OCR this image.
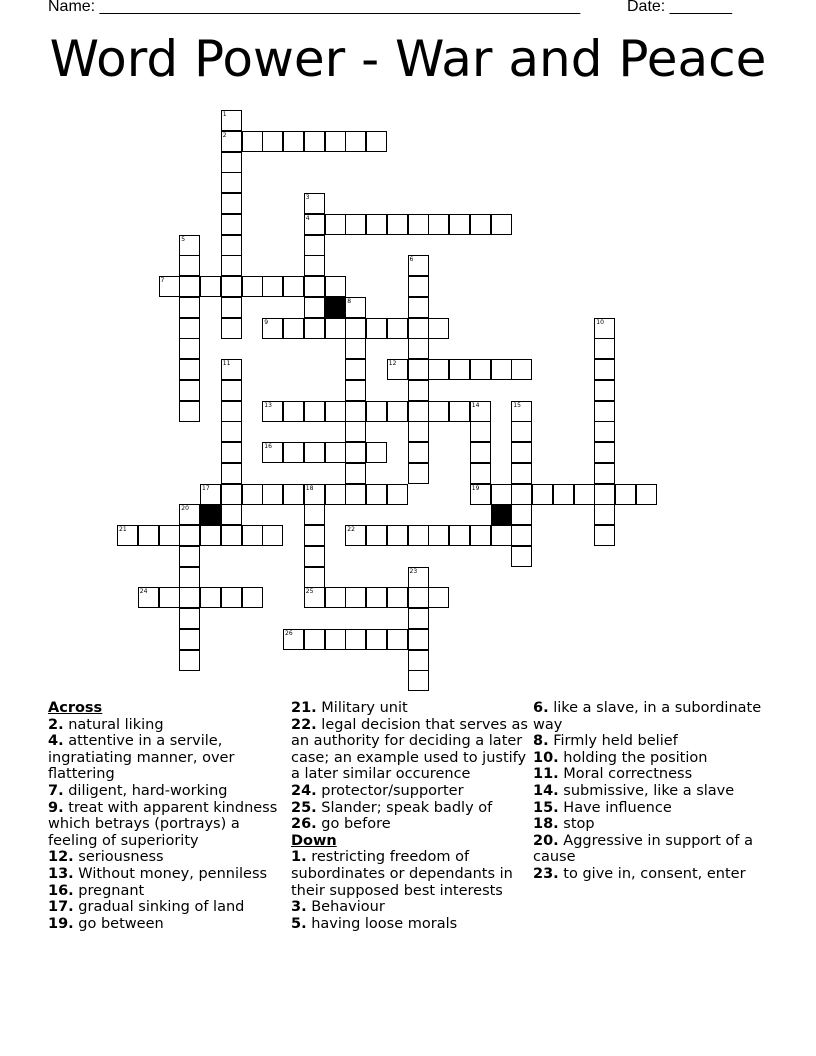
Name: ______________________________________________________	Date: _______
Word Power - War and Peace
2
4
7
9
12
13
16
17	18	19
21	22
24	25
26
1
3
5
6
8
10
11
14	15
20
23
Across

2. natural liking

4. attentive in a servile, ingratiating manner, over flattering

7. diligent, hard-working

9. treat with apparent kindness which betrays (portrays) a feeling of superiority

12. seriousness

13. Without money, penniless

16. pregnant

17. gradual sinking of land

19. go between

21. Military unit

22. legal decision that serves as an authority for deciding a later case; an example used to justify a later similar occurence

24. protector/supporter

25. Slander; speak badly of

26. go before

Down

1. restricting freedom of subordinates or dependants in their supposed best interests

3. Behaviour

5. having loose morals

6. like a slave, in a subordinate way

8. Firmly held belief

10. holding the position

11. Moral correctness

14. submissive, like a slave

15. Have influence

18. stop

20. Aggressive in support of a cause

23. to give in, consent, enter
